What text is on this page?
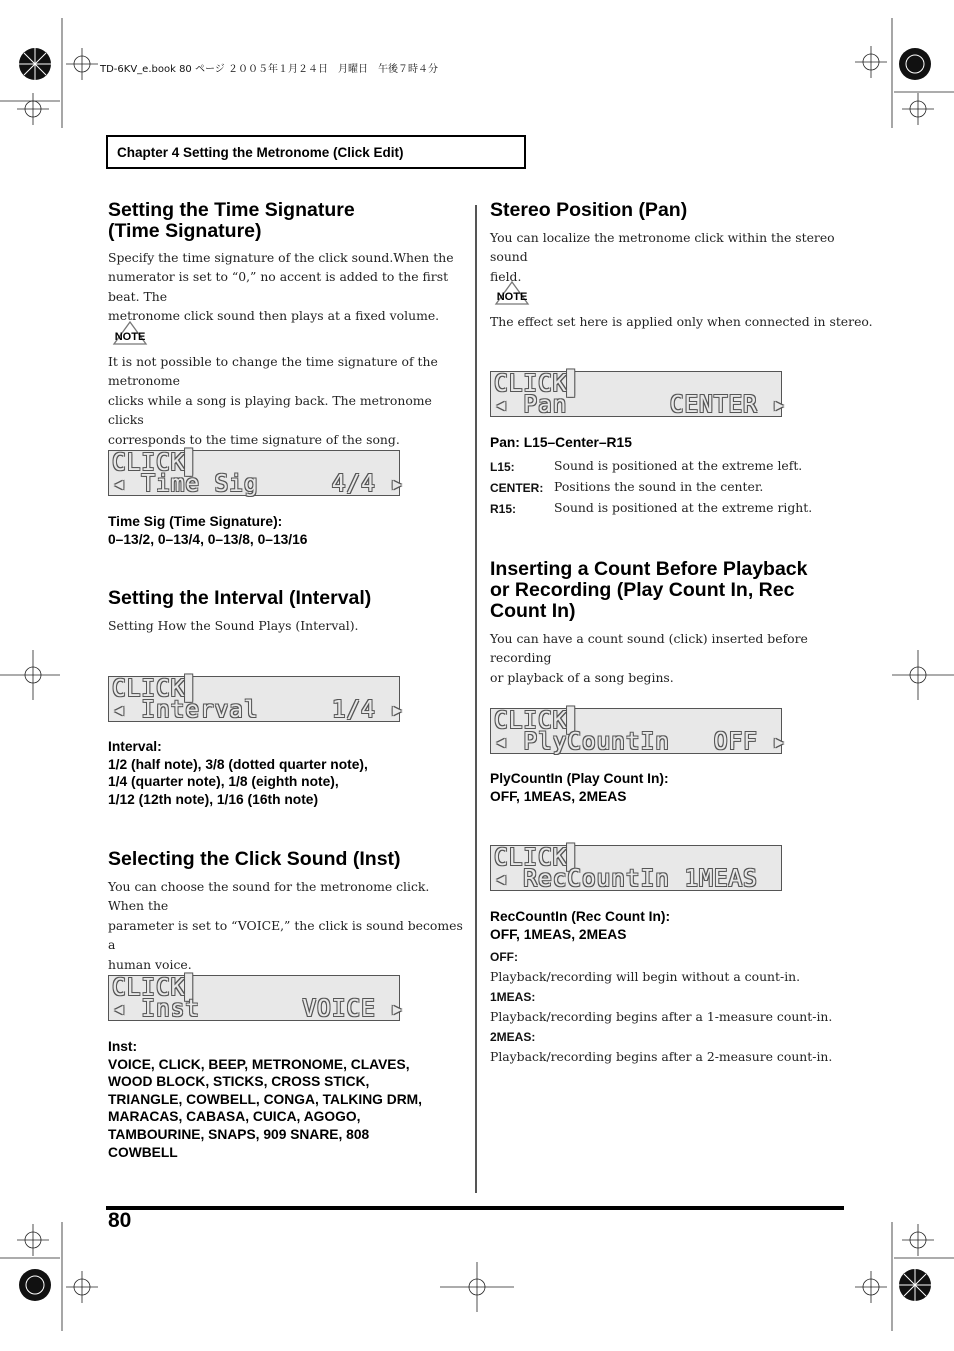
TD-6KV_e.book 80 ページ ２００５年１月２４日　月曜日　午後７時４分
Chapter 4 Setting the Metronome (Click Edit)
Setting the Time Signature
(Time Signature)
Specify the time signature of the click sound.When the
numerator is set to “0,” no accent is added to the first beat. The
metronome click sound then plays at a fixed volume.
NOTE
It is not possible to change the time signature of the metronome
clicks while a song is playing back. The metronome clicks
corresponds to the time signature of the song.
CLICK▌
◂ Time Sig     4/4 ▸
Time Sig (Time Signature):
0–13/2, 0–13/4, 0–13/8, 0–13/16
Setting the Interval (Interval)
Setting How the Sound Plays (Interval).
CLICK▌
◂ Interval     1/4 ▸
Interval:
1/2 (half note), 3/8 (dotted quarter note),
1/4 (quarter note), 1/8 (eighth note),
1/12 (12th note), 1/16 (16th note)
Selecting the Click Sound (Inst)
You can choose the sound for the metronome click. When the
parameter is set to “VOICE,” the click is sound becomes a
human voice.
CLICK▌
◂ Inst       VOICE ▸
Inst:
VOICE, CLICK, BEEP, METRONOME, CLAVES,
WOOD BLOCK, STICKS, CROSS STICK,
TRIANGLE, COWBELL, CONGA, TALKING DRM,
MARACAS, CABASA, CUICA, AGOGO,
TAMBOURINE, SNAPS, 909 SNARE, 808
COWBELL
Stereo Position (Pan)
You can localize the metronome click within the stereo sound
field.
NOTE
The effect set here is applied only when connected in stereo.
CLICK▌
◂ Pan       CENTER ▸
Pan: L15–Center–R15
L15:	Sound is positioned at the extreme left.
CENTER: Positions the sound in the center.
R15:	Sound is positioned at the extreme right.
Inserting a Count Before Playback
or Recording (Play Count In, Rec
Count In)
You can have a count sound (click) inserted before recording
or playback of a song begins.
CLICK▌
◂ PlyCountIn   OFF ▸
PlyCountIn (Play Count In):
OFF, 1MEAS, 2MEAS
CLICK▌
◂ RecCountIn 1MEAS
RecCountIn (Rec Count In):
OFF, 1MEAS, 2MEAS
OFF:
Playback/recording will begin without a count-in.
1MEAS:
Playback/recording begins after a 1-measure count-in.
2MEAS:
Playback/recording begins after a 2-measure count-in.
80
